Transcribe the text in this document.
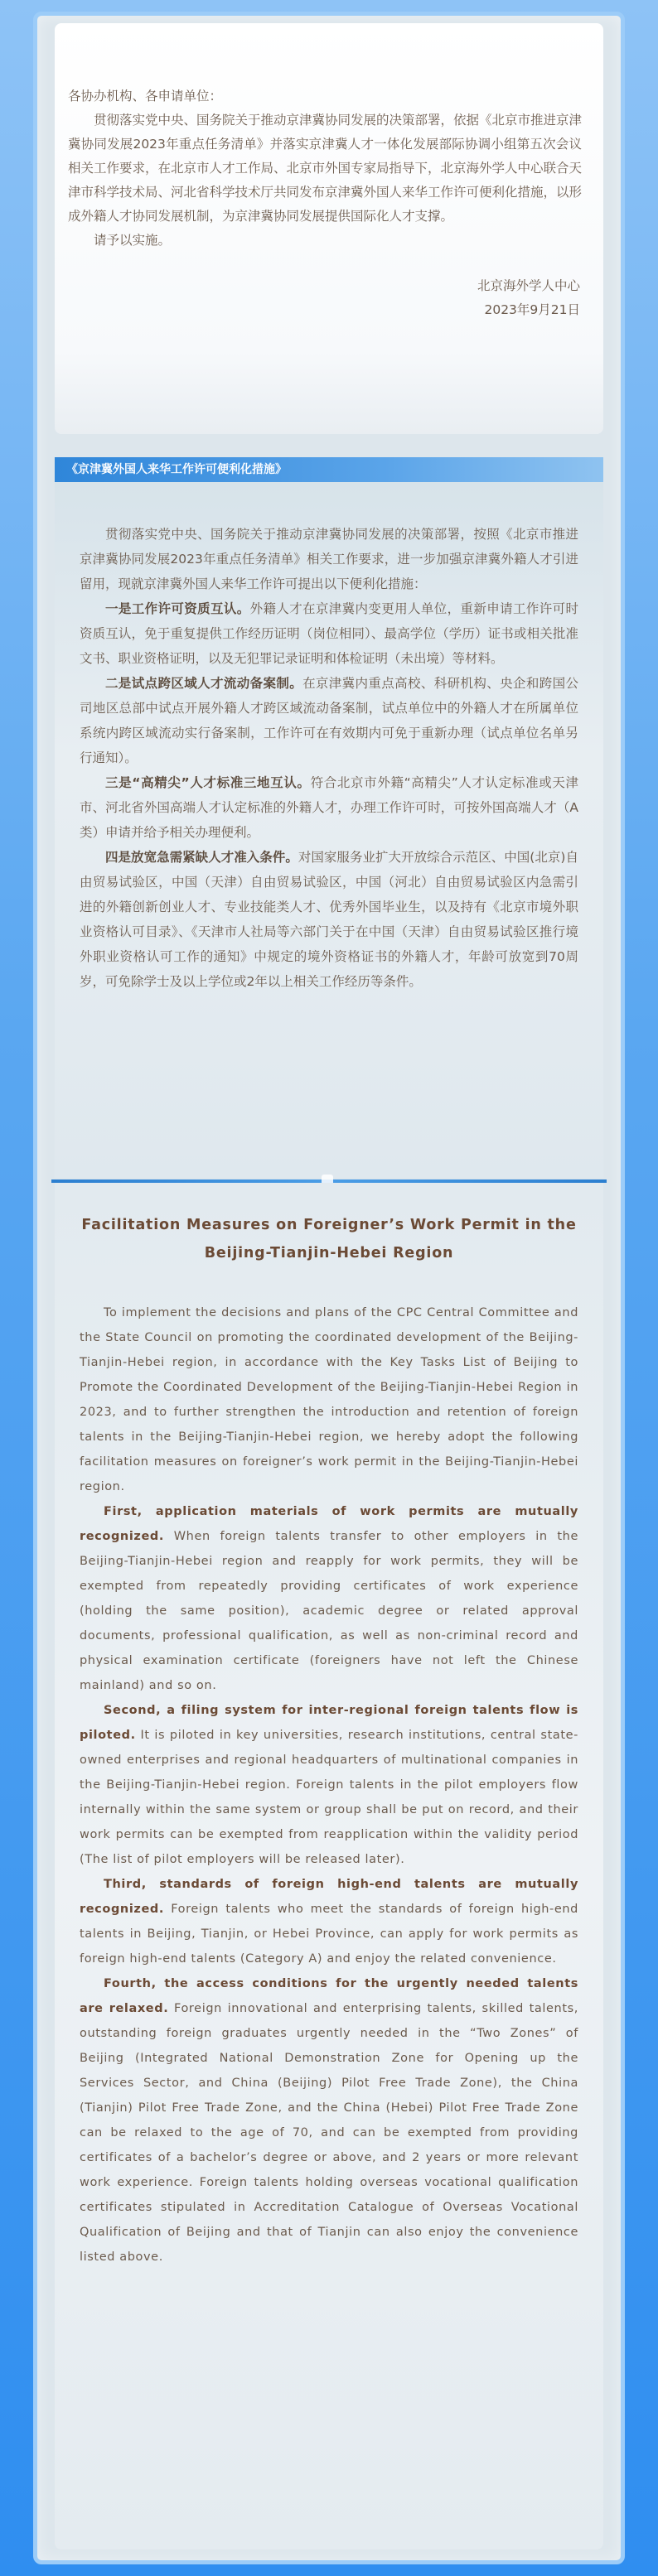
各协办机构、各申请单位：

贯彻落实党中央、国务院关于推动京津冀协同发展的决策部署，依据《北京市推进京津冀协同发展2023年重点任务清单》并落实京津冀人才一体化发展部际协调小组第五次会议相关工作要求，在北京市人才工作局、北京市外国专家局指导下，北京海外学人中心联合天津市科学技术局、河北省科学技术厅共同发布京津冀外国人来华工作许可便利化措施，以形成外籍人才协同发展机制，为京津冀协同发展提供国际化人才支撑。

请予以实施。

北京海外学人中心

2023年9月21日

《京津冀外国人来华工作许可便利化措施》

贯彻落实党中央、国务院关于推动京津冀协同发展的决策部署，按照《北京市推进京津冀协同发展2023年重点任务清单》相关工作要求，进一步加强京津冀外籍人才引进留用，现就京津冀外国人来华工作许可提出以下便利化措施：

一是工作许可资质互认。外籍人才在京津冀内变更用人单位，重新申请工作许可时资质互认，免于重复提供工作经历证明（岗位相同）、最高学位（学历）证书或相关批准文书、职业资格证明，以及无犯罪记录证明和体检证明（未出境）等材料。

二是试点跨区域人才流动备案制。在京津冀内重点高校、科研机构、央企和跨国公司地区总部中试点开展外籍人才跨区域流动备案制，试点单位中的外籍人才在所属单位系统内跨区域流动实行备案制，工作许可在有效期内可免于重新办理（试点单位名单另行通知）。

三是“高精尖”人才标准三地互认。符合北京市外籍“高精尖”人才认定标准或天津市、河北省外国高端人才认定标准的外籍人才，办理工作许可时，可按外国高端人才（A类）申请并给予相关办理便利。

四是放宽急需紧缺人才准入条件。对国家服务业扩大开放综合示范区、中国(北京)自由贸易试验区，中国（天津）自由贸易试验区，中国（河北）自由贸易试验区内急需引进的外籍创新创业人才、专业技能类人才、优秀外国毕业生，以及持有《北京市境外职业资格认可目录》、《天津市人社局等六部门关于在中国（天津）自由贸易试验区推行境外职业资格认可工作的通知》中规定的境外资格证书的外籍人才，年龄可放宽到70周岁，可免除学士及以上学位或2年以上相关工作经历等条件。

Facilitation Measures on Foreigner’s Work Permit in the Beijing-Tianjin-Hebei Region

To implement the decisions and plans of the CPC Central Committee and the State Council on promoting the coordinated development of the Beijing-Tianjin-Hebei region, in accordance with the Key Tasks List of Beijing to Promote the Coordinated Development of the Beijing-Tianjin-Hebei Region in 2023, and to further strengthen the introduction and retention of foreign talents in the Beijing-Tianjin-Hebei region, we hereby adopt the following facilitation measures on foreigner’s work permit in the Beijing-Tianjin-Hebei region.

First, application materials of work permits are mutually recognized. When foreign talents transfer to other employers in the Beijing-Tianjin-Hebei region and reapply for work permits, they will be exempted from repeatedly providing certificates of work experience (holding the same position), academic degree or related approval documents, professional qualification, as well as non-criminal record and physical examination certificate (foreigners have not left the Chinese mainland) and so on.

Second, a filing system for inter-regional foreign talents flow is piloted. It is piloted in key universities, research institutions, central state-owned enterprises and regional headquarters of multinational companies in the Beijing-Tianjin-Hebei region. Foreign talents in the pilot employers flow internally within the same system or group shall be put on record, and their work permits can be exempted from reapplication within the validity period (The list of pilot employers will be released later).

Third, standards of foreign high-end talents are mutually recognized. Foreign talents who meet the standards of foreign high-end talents in Beijing, Tianjin, or Hebei Province, can apply for work permits as foreign high-end talents (Category A) and enjoy the related convenience.

Fourth, the access conditions for the urgently needed talents are relaxed. Foreign innovational and enterprising talents, skilled talents, outstanding foreign graduates urgently needed in the “Two Zones” of Beijing (Integrated National Demonstration Zone for Opening up the Services Sector, and China (Beijing) Pilot Free Trade Zone), the China (Tianjin) Pilot Free Trade Zone, and the China (Hebei) Pilot Free Trade Zone can be relaxed to the age of 70, and can be exempted from providing certificates of a bachelor’s degree or above, and 2 years or more relevant work experience. Foreign talents holding overseas vocational qualification certificates stipulated in Accreditation Catalogue of Overseas Vocational Qualification of Beijing and that of Tianjin can also enjoy the convenience listed above.
